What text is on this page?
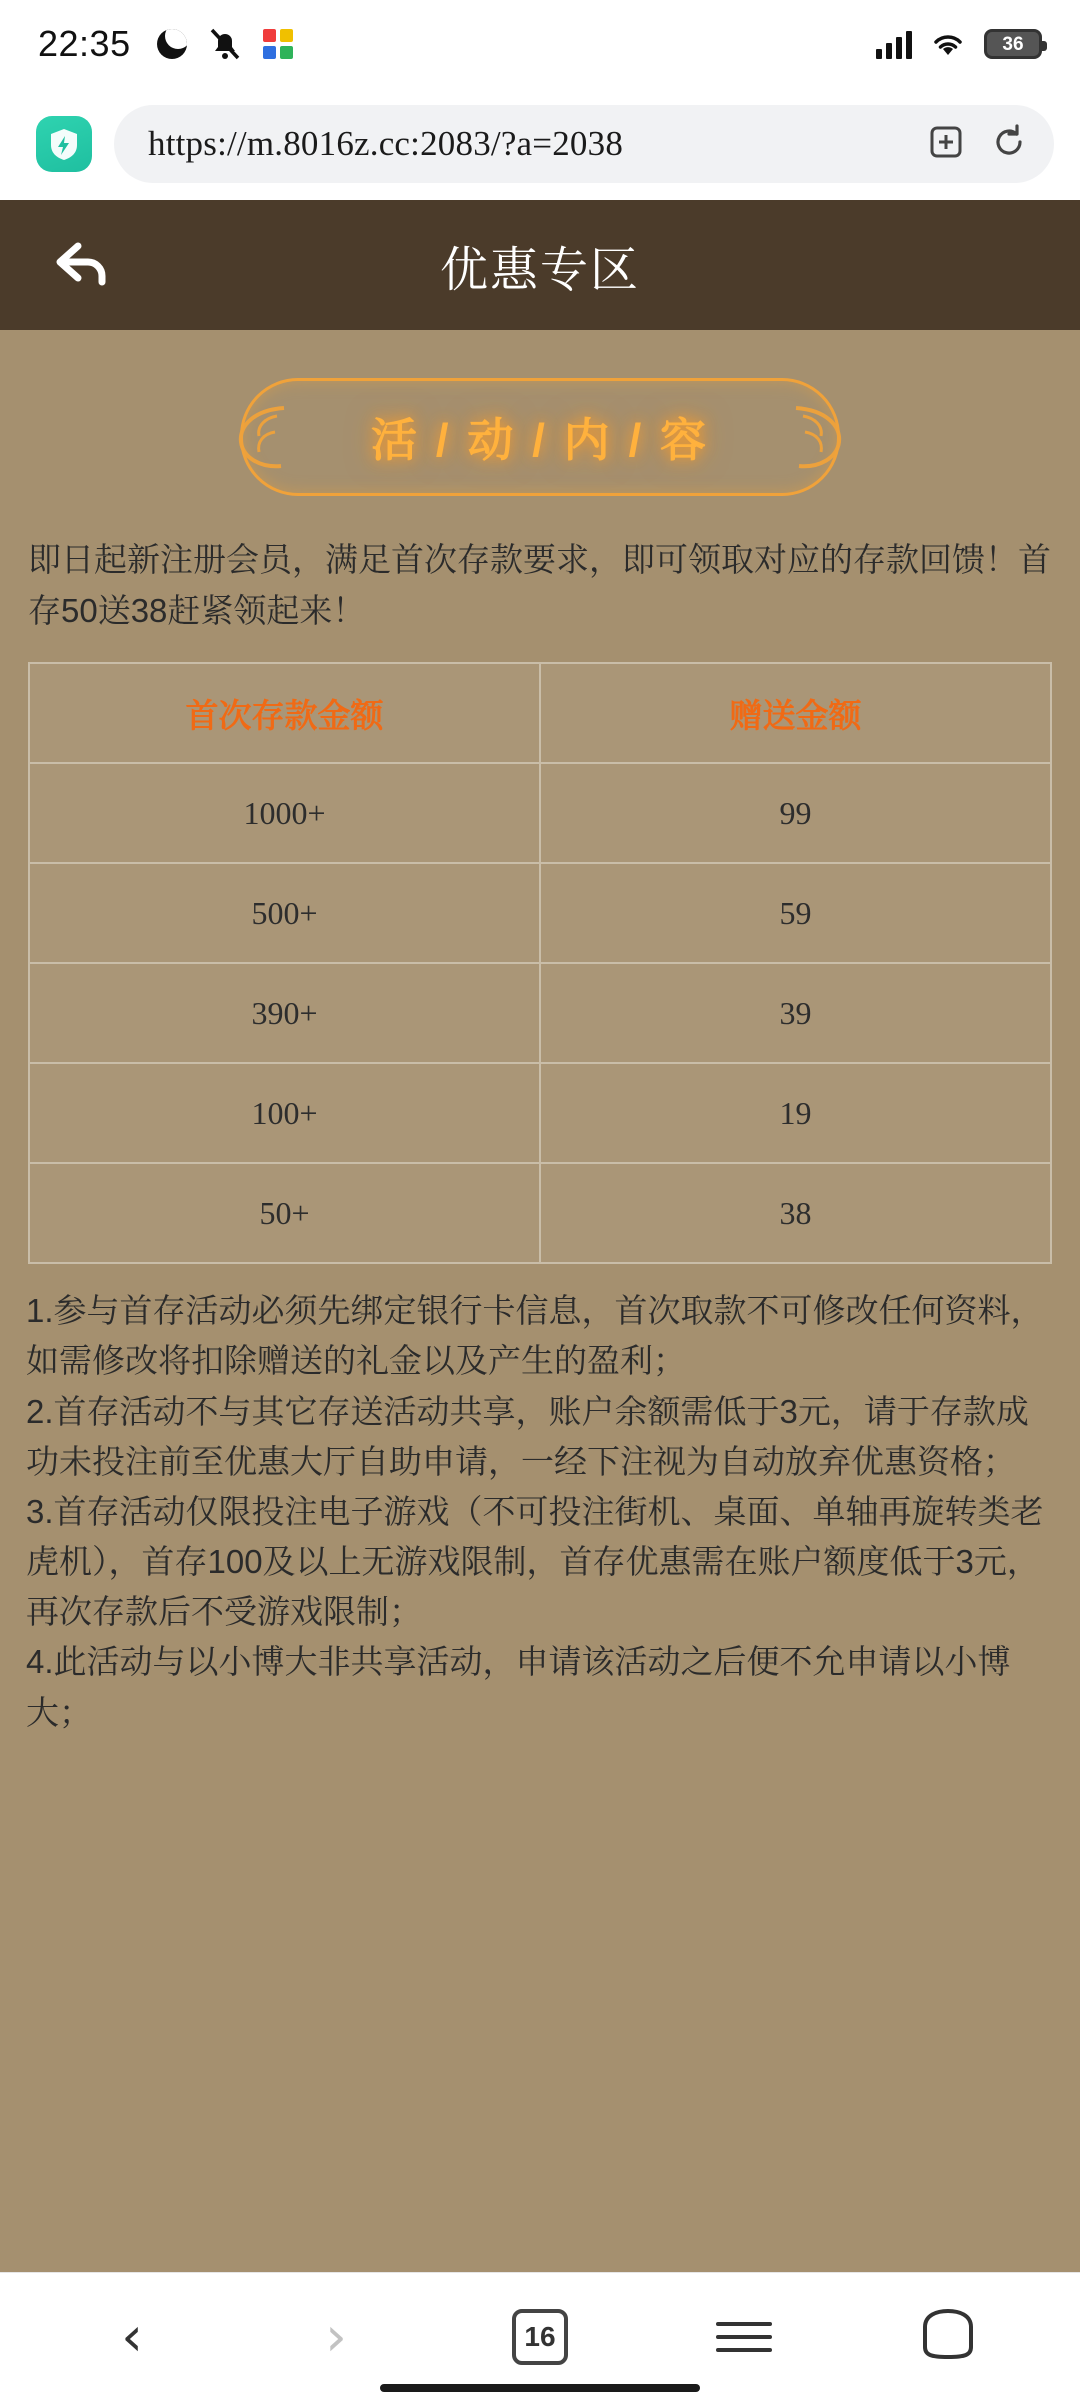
22:35	36
https://m.8016z.cc:2083/?a=2038
优惠专区
活 / 动 / 内 / 容
即日起新注册会员，满足首次存款要求，即可领取对应的存款回馈！首存50送38赶紧领起来！
首次存款金额	赠送金额
1000+	99
500+	59
390+	39
100+	19
50+	38

1.参与首存活动必须先绑定银行卡信息，首次取款不可修改任何资料，如需修改将扣除赠送的礼金以及产生的盈利；

2.首存活动不与其它存送活动共享，账户余额需低于3元，请于存款成功未投注前至优惠大厅自助申请，一经下注视为自动放弃优惠资格；

3.首存活动仅限投注电子游戏（不可投注街机、桌面、单轴再旋转类老虎机），首存100及以上无游戏限制，首存优惠需在账户额度低于3元，再次存款后不受游戏限制；

4.此活动与以小博大非共享活动，申请该活动之后便不允申请以小博大；

‹	›	16
